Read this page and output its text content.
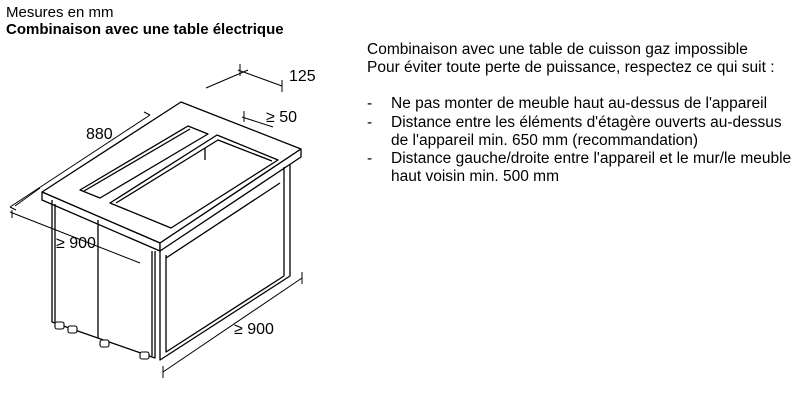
Mesures en mm
Combinaison avec une table électrique
125
≥ 50
880
≥ 900
≥ 900

Combinaison avec une table de cuisson gaz impossible

Pour éviter toute perte de puissance, respectez ce qui suit :

- Ne pas monter de meuble haut au-dessus de l'appareil
- Distance entre les éléments d'étagère ouverts au-dessus de l'appareil min. 650 mm (recommandation)
- Distance gauche/droite entre l'appareil et le mur/le meuble haut voisin min. 500 mm
